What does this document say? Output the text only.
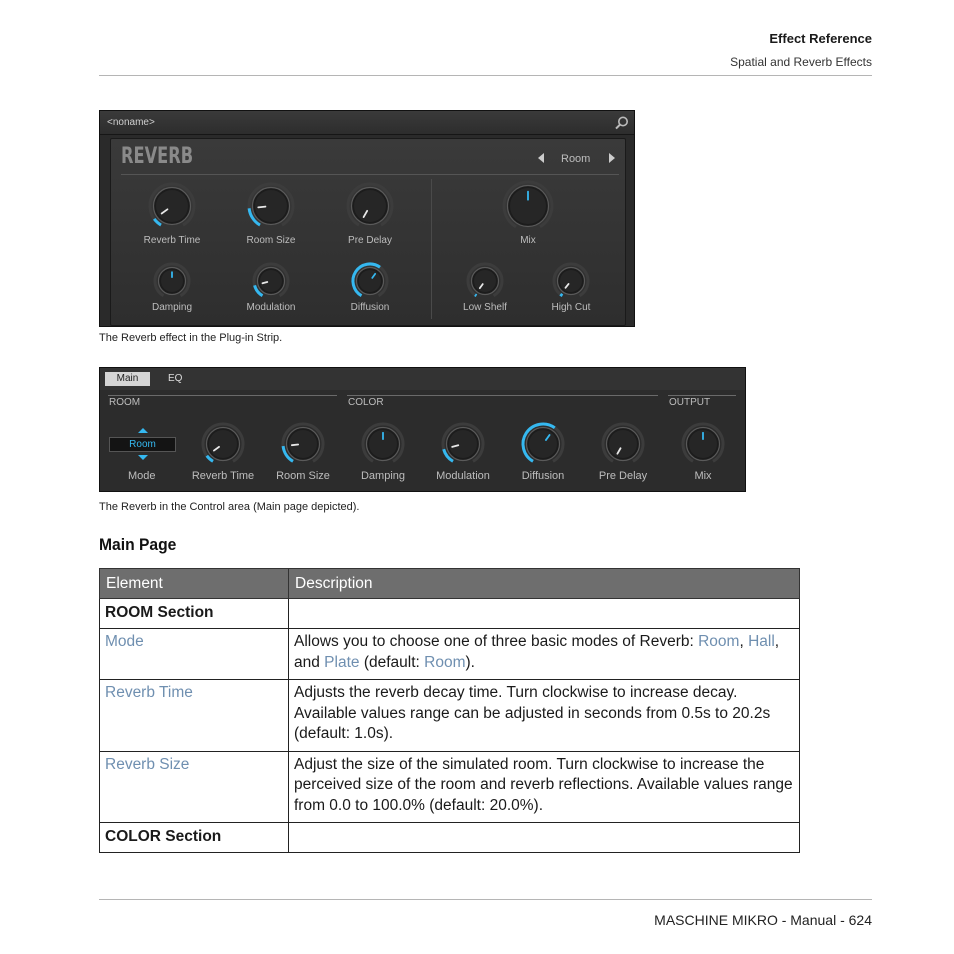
Effect Reference
Spatial and Reverb Effects
<noname>
REVERB	Room
Reverb Time	Room Size	Pre Delay
Damping	Modulation	Diffusion
Mix
Low Shelf	High Cut
The Reverb effect in the Plug-in Strip.
Main	EQ
ROOM	COLOR	OUTPUT
Room
Mode	Reverb Time Room Size	Damping	Modulation	Diffusion	Pre Delay	Mix
The Reverb in the Control area (Main page depicted).
Main Page
Element	Description
ROOM Section	
Mode	Allows you to choose one of three basic modes of Reverb: Room, Hall, and Plate (default: Room).
Reverb Time	Adjusts the reverb decay time. Turn clockwise to increase decay. Available values range can be adjusted in seconds from 0.5s to 20.2s (default: 1.0s).
Reverb Size	Adjust the size of the simulated room. Turn clockwise to increase the perceived size of the room and reverb reflections. Available values range from 0.0 to 100.0% (default: 20.0%).
COLOR Section	
MASCHINE MIKRO - Manual - 624
